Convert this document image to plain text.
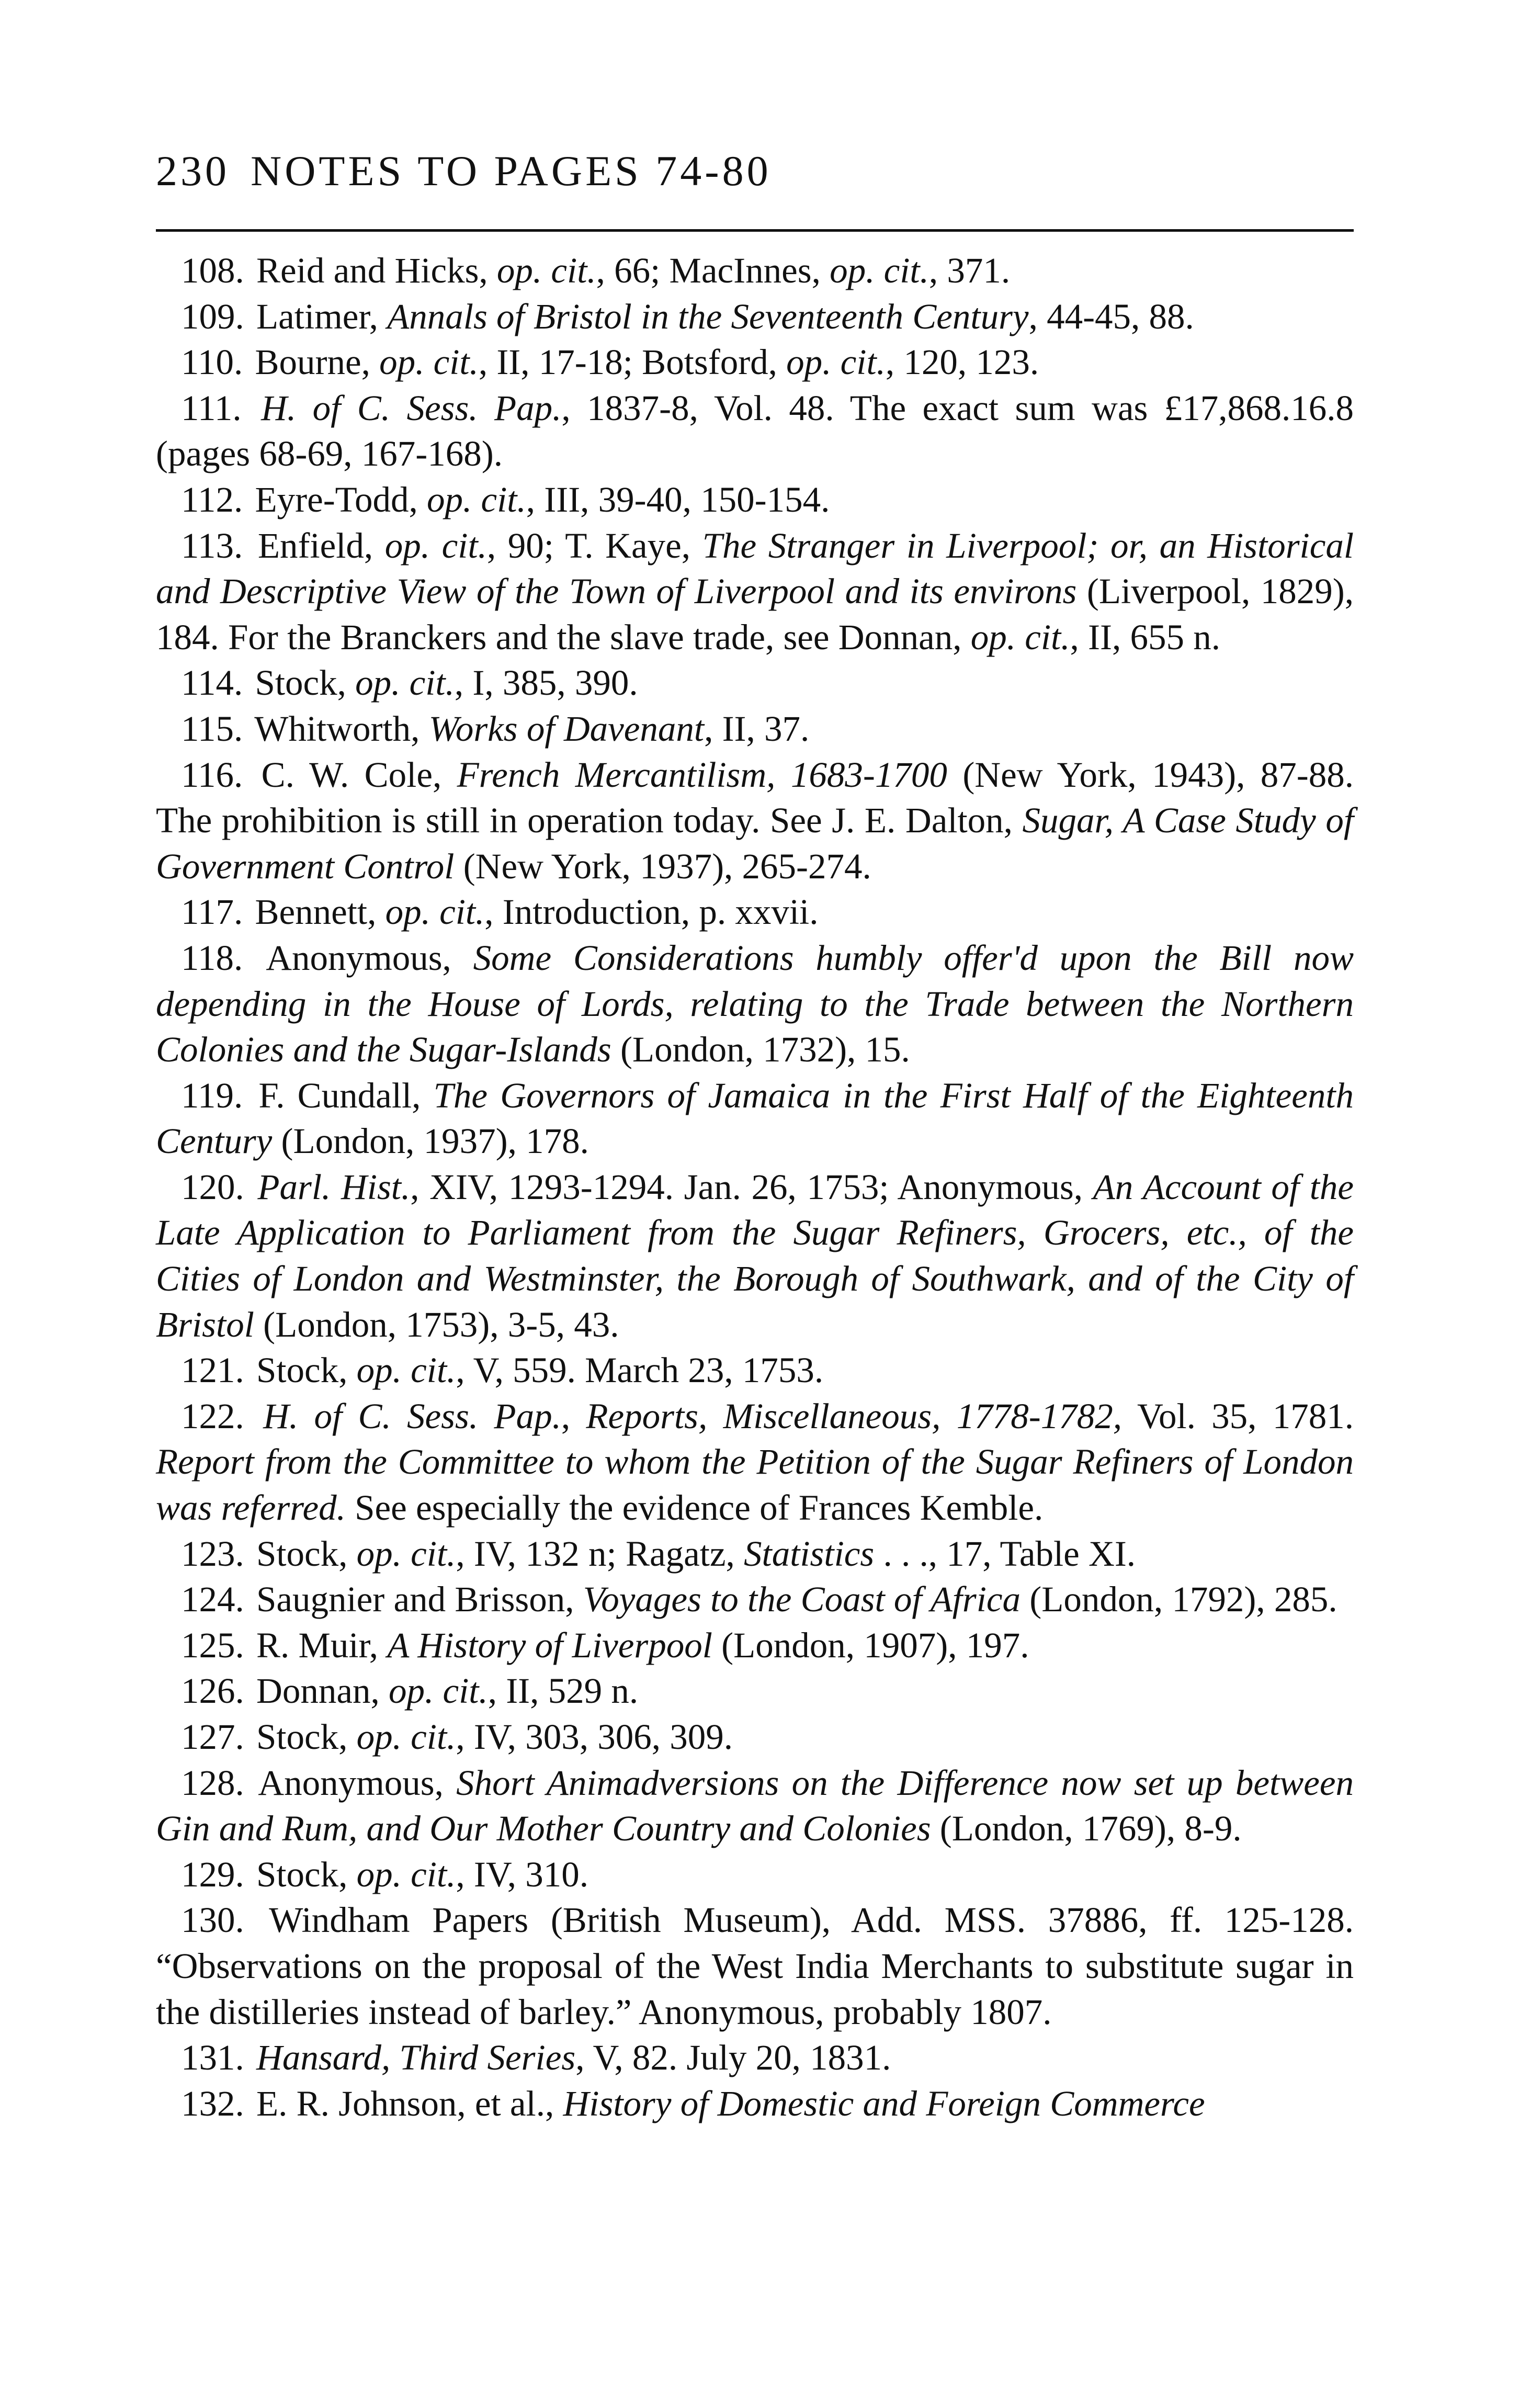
230 NOTES TO PAGES 74-80

108. Reid and Hicks, op. cit., 66; MacInnes, op. cit., 371.

109. Latimer, Annals of Bristol in the Seventeenth Century, 44-45, 88.

110. Bourne, op. cit., II, 17-18; Botsford, op. cit., 120, 123.

111. H. of C. Sess. Pap., 1837-8, Vol. 48. The exact sum was £17,868.16.8 (pages 68-69, 167-168).

112. Eyre-Todd, op. cit., III, 39-40, 150-154.

113. Enfield, op. cit., 90; T. Kaye, The Stranger in Liverpool; or, an Historical and Descriptive View of the Town of Liverpool and its environs (Liverpool, 1829), 184. For the Branckers and the slave trade, see Donnan, op. cit., II, 655 n.

114. Stock, op. cit., I, 385, 390.

115. Whitworth, Works of Davenant, II, 37.

116. C. W. Cole, French Mercantilism, 1683-1700 (New York, 1943), 87-88. The prohibition is still in operation today. See J. E. Dalton, Sugar, A Case Study of Government Control (New York, 1937), 265-274.

117. Bennett, op. cit., Introduction, p. xxvii.

118. Anonymous, Some Considerations humbly offer'd upon the Bill now depending in the House of Lords, relating to the Trade between the Northern Colonies and the Sugar-Islands (London, 1732), 15.

119. F. Cundall, The Governors of Jamaica in the First Half of the Eighteenth Century (London, 1937), 178.

120. Parl. Hist., XIV, 1293-1294. Jan. 26, 1753; Anonymous, An Account of the Late Application to Parliament from the Sugar Refiners, Grocers, etc., of the Cities of London and Westminster, the Borough of Southwark, and of the City of Bristol (London, 1753), 3-5, 43.

121. Stock, op. cit., V, 559. March 23, 1753.

122. H. of C. Sess. Pap., Reports, Miscellaneous, 1778-1782, Vol. 35, 1781. Report from the Committee to whom the Petition of the Sugar Refiners of London was referred. See especially the evidence of Frances Kemble.

123. Stock, op. cit., IV, 132 n; Ragatz, Statistics . . ., 17, Table XI.

124. Saugnier and Brisson, Voyages to the Coast of Africa (London, 1792), 285.

125. R. Muir, A History of Liverpool (London, 1907), 197.

126. Donnan, op. cit., II, 529 n.

127. Stock, op. cit., IV, 303, 306, 309.

128. Anonymous, Short Animadversions on the Difference now set up between Gin and Rum, and Our Mother Country and Colonies (London, 1769), 8-9.

129. Stock, op. cit., IV, 310.

130. Windham Papers (British Museum), Add. MSS. 37886, ff. 125-128. “Observations on the proposal of the West India Merchants to substitute sugar in the distilleries instead of barley.” Anonymous, probably 1807.

131. Hansard, Third Series, V, 82. July 20, 1831.

132. E. R. Johnson, et al., History of Domestic and Foreign Commerce
